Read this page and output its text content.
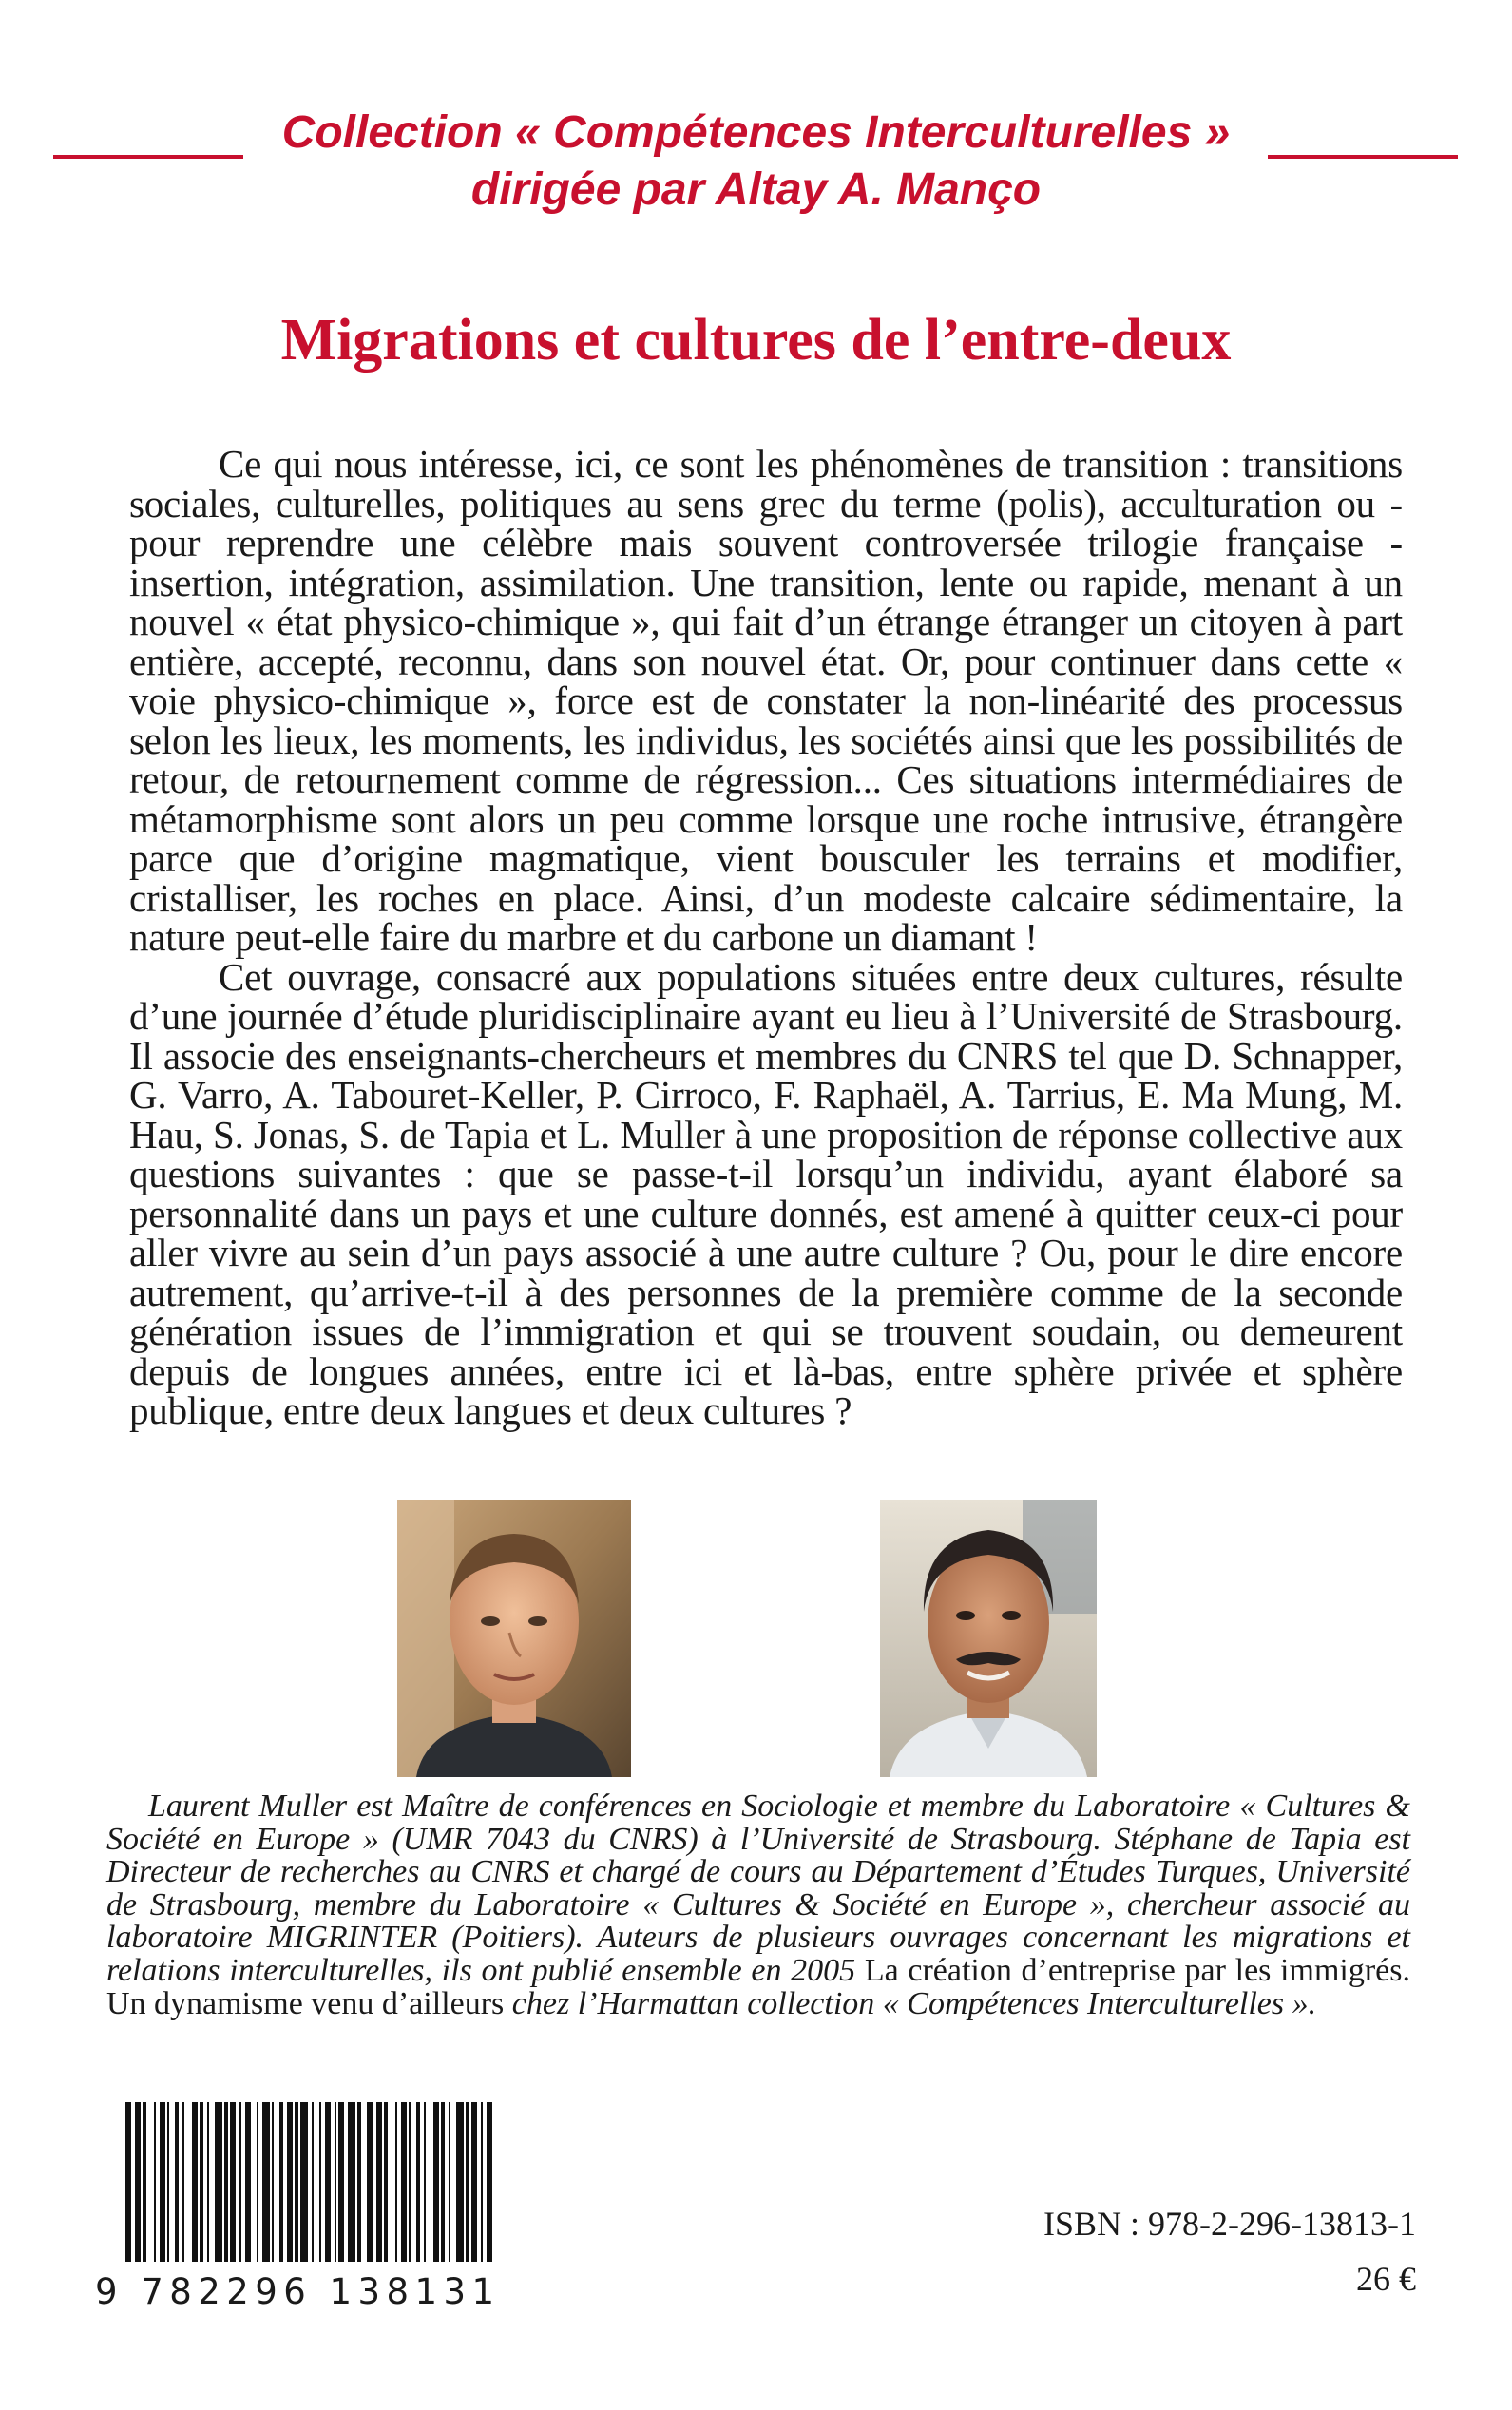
Collection « Compétences Interculturelles »
dirigée par Altay A. Mançо
Migrations et cultures de l’entre-deux

Ce qui nous intéresse, ici, ce sont les phénomènes de transition : transitions sociales, culturelles, politiques au sens grec du terme (polis), acculturation ou - pour reprendre une célèbre mais souvent controversée trilogie française - insertion, intégration, assimilation. Une transition, lente ou rapide, menant à un nouvel « état physico-chimique », qui fait d’un étrange étranger un citoyen à part entière, accepté, reconnu, dans son nouvel état. Or, pour continuer dans cette « voie physico-chimique », force est de constater la non-linéarité des processus selon les lieux, les moments, les individus, les sociétés ainsi que les possibilités de retour, de retournement comme de régression... Ces situations intermédiaires de métamorphisme sont alors un peu comme lorsque une roche intrusive, étrangère parce que d’origine magmatique, vient bousculer les terrains et modifier, cristalliser, les roches en place. Ainsi, d’un modeste calcaire sédimentaire, la nature peut-elle faire du marbre et du carbone un diamant !

Cet ouvrage, consacré aux populations situées entre deux cultures, résulte d’une journée d’étude pluridisciplinaire ayant eu lieu à l’Université de Strasbourg. Il associe des enseignants-chercheurs et membres du CNRS tel que D. Schnapper, G. Varro, A. Tabouret-Keller, P. Cirroco, F. Raphaël, A. Tarrius, E. Ma Mung, M. Hau, S. Jonas, S. de Tapia et L. Muller à une proposition de réponse collective aux questions suivantes : que se passe-t-il lorsqu’un individu, ayant élaboré sa personnalité dans un pays et une culture donnés, est amené à quitter ceux-ci pour aller vivre au sein d’un pays associé à une autre culture ? Ou, pour le dire encore autrement, qu’arrive-t-il à des personnes de la première comme de la seconde génération issues de l’immigration et qui se trouvent soudain, ou demeurent depuis de longues années, entre ici et là-bas, entre sphère privée et sphère publique, entre deux langues et deux cultures ?

Laurent Muller est Maître de conférences en Sociologie et membre du Laboratoire « Cultures & Société en Europe » (UMR 7043 du CNRS) à l’Université de Strasbourg. Stéphane de Tapia est Directeur de recherches au CNRS et chargé de cours au Département d’Études Turques, Université de Strasbourg, membre du Laboratoire « Cultures & Société en Europe », chercheur associé au laboratoire MIGRINTER (Poitiers). Auteurs de plusieurs ouvrages concernant les migrations et relations interculturelles, ils ont publié ensemble en 2005 La création d’entreprise par les immigrés. Un dynamisme venu d’ailleurs chez l’Harmattan collection « Compétences Interculturelles ».

9 782296 138131
ISBN : 978-2-296-13813-1
26 €
